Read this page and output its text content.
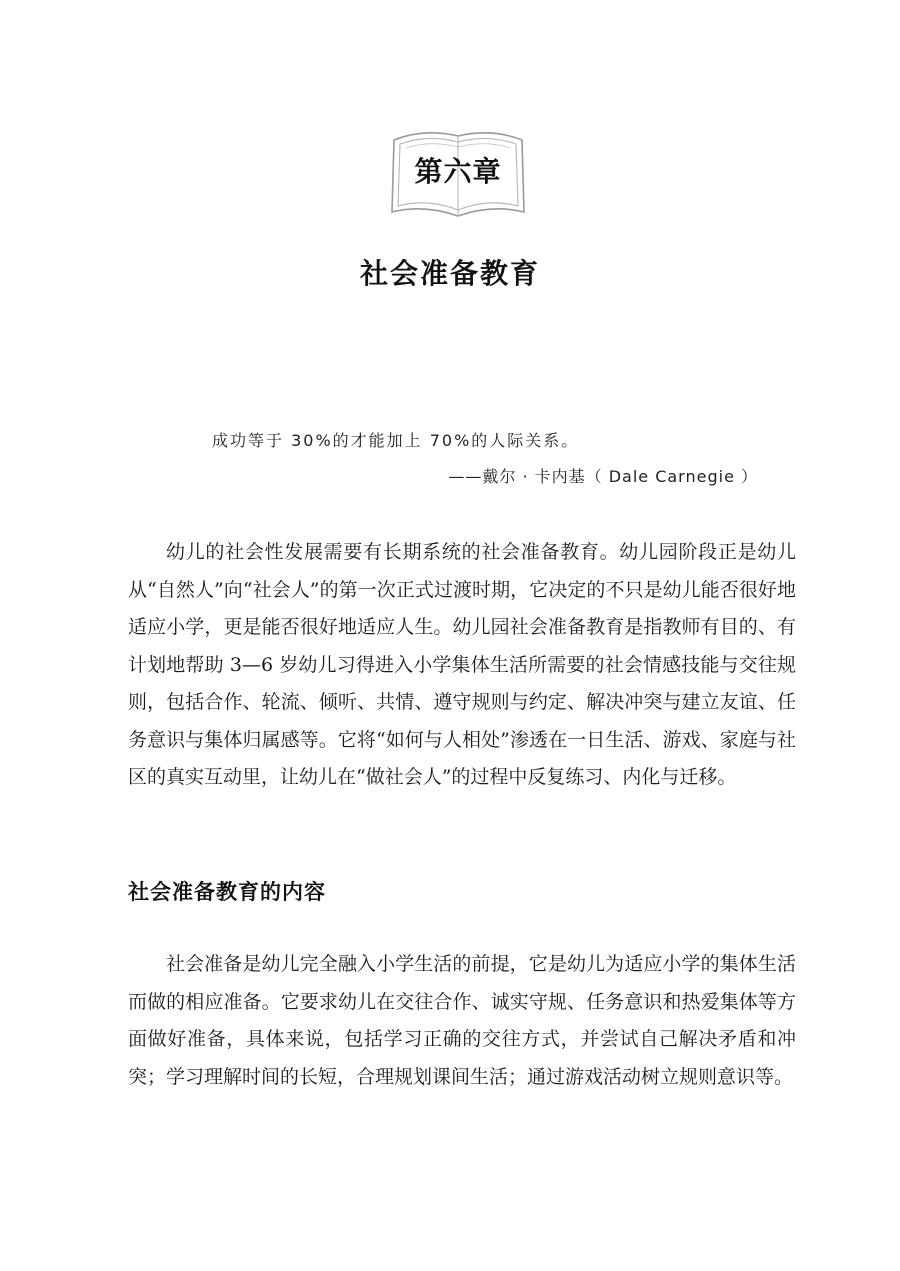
第六章
社会准备教育
成功等于 30%的才能加上 70%的人际关系。
——戴尔 · 卡内基（ Dale Carnegie ）

幼儿的社会性发展需要有长期系统的社会准备教育。幼儿园阶段正是幼儿从“自然人”向“社会人”的第一次正式过渡时期，它决定的不只是幼儿能否很好地适应小学，更是能否很好地适应人生。幼儿园社会准备教育是指教师有目的、有计划地帮助 3—6 岁幼儿习得进入小学集体生活所需要的社会情感技能与交往规则，包括合作、轮流、倾听、共情、遵守规则与约定、解决冲突与建立友谊、任务意识与集体归属感等。它将“如何与人相处”渗透在一日生活、游戏、家庭与社区的真实互动里，让幼儿在“做社会人”的过程中反复练习、内化与迁移。

社会准备教育的内容

社会准备是幼儿完全融入小学生活的前提，它是幼儿为适应小学的集体生活而做的相应准备。它要求幼儿在交往合作、诚实守规、任务意识和热爱集体等方面做好准备，具体来说，包括学习正确的交往方式，并尝试自己解决矛盾和冲突；学习理解时间的长短，合理规划课间生活；通过游戏活动树立规则意识等。
